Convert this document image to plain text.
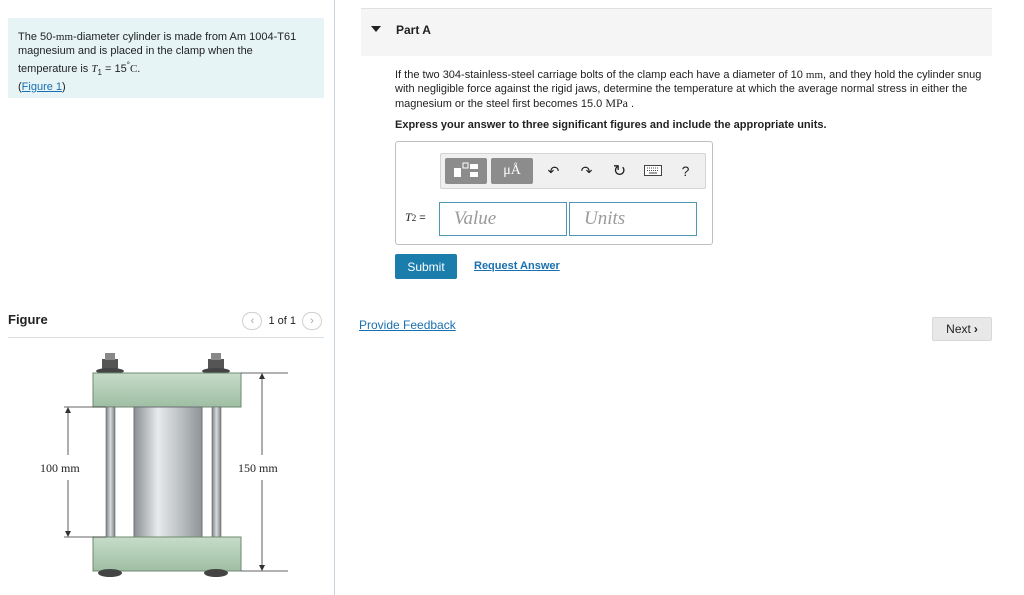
The 50-mm-diameter cylinder is made from Am 1004-T61 magnesium and is placed in the clamp when the temperature is $T_1 = 15^\circ C$.
(Figure 1)
Figure	‹ 1 of 1 ›
100 mm	150 mm
Part A
If the two 304-stainless-steel carriage bolts of the clamp each have a diameter of 10 mm, and they hold the cylinder snug with negligible force against the rigid jaws, determine the temperature at which the average normal stress in either the magnesium or the steel first becomes 15.0 MPa .
Express your answer to three significant figures and include the appropriate units.
μÅ ↶ ↷ ↻	?
T2 =
Value
Units
Submit	Request Answer
Provide Feedback	Next ›
